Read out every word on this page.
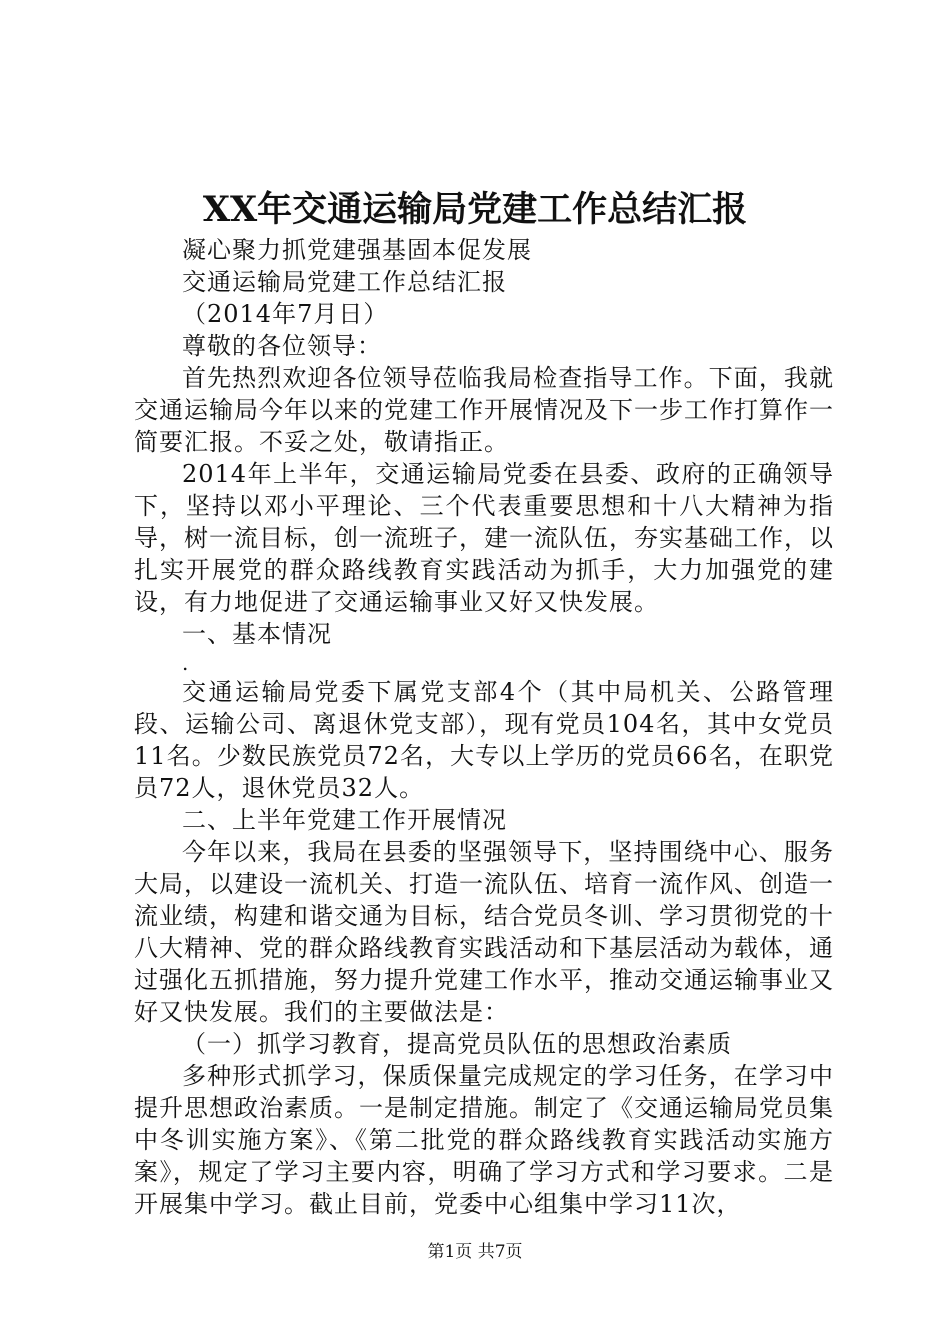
XX年交通运输局党建工作总结汇报

凝心聚力抓党建强基固本促发展

交通运输局党建工作总结汇报

（2014年7月日）

尊敬的各位领导：

首先热烈欢迎各位领导莅临我局检查指导工作。下面，我就交通运输局今年以来的党建工作开展情况及下一步工作打算作一简要汇报。不妥之处，敬请指正。

2014年上半年，交通运输局党委在县委、政府的正确领导下，坚持以邓小平理论、三个代表重要思想和十八大精神为指导，树一流目标，创一流班子，建一流队伍，夯实基础工作，以扎实开展党的群众路线教育实践活动为抓手，大力加强党的建设，有力地促进了交通运输事业又好又快发展。

一、基本情况

.

交通运输局党委下属党支部4个（其中局机关、公路管理段、运输公司、离退休党支部），现有党员104名，其中女党员11名。少数民族党员72名，大专以上学历的党员66名，在职党员72人，退休党员32人。

二、上半年党建工作开展情况

今年以来，我局在县委的坚强领导下，坚持围绕中心、服务大局，以建设一流机关、打造一流队伍、培育一流作风、创造一流业绩，构建和谐交通为目标，结合党员冬训、学习贯彻党的十八大精神、党的群众路线教育实践活动和下基层活动为载体，通过强化五抓措施，努力提升党建工作水平，推动交通运输事业又好又快发展。我们的主要做法是：

（一）抓学习教育，提高党员队伍的思想政治素质

多种形式抓学习，保质保量完成规定的学习任务，在学习中提升思想政治素质。一是制定措施。制定了《交通运输局党员集中冬训实施方案》、《第二批党的群众路线教育实践活动实施方案》，规定了学习主要内容，明确了学习方式和学习要求。二是开展集中学习。截止目前，党委中心组集中学习11次，

第1页 共7页
